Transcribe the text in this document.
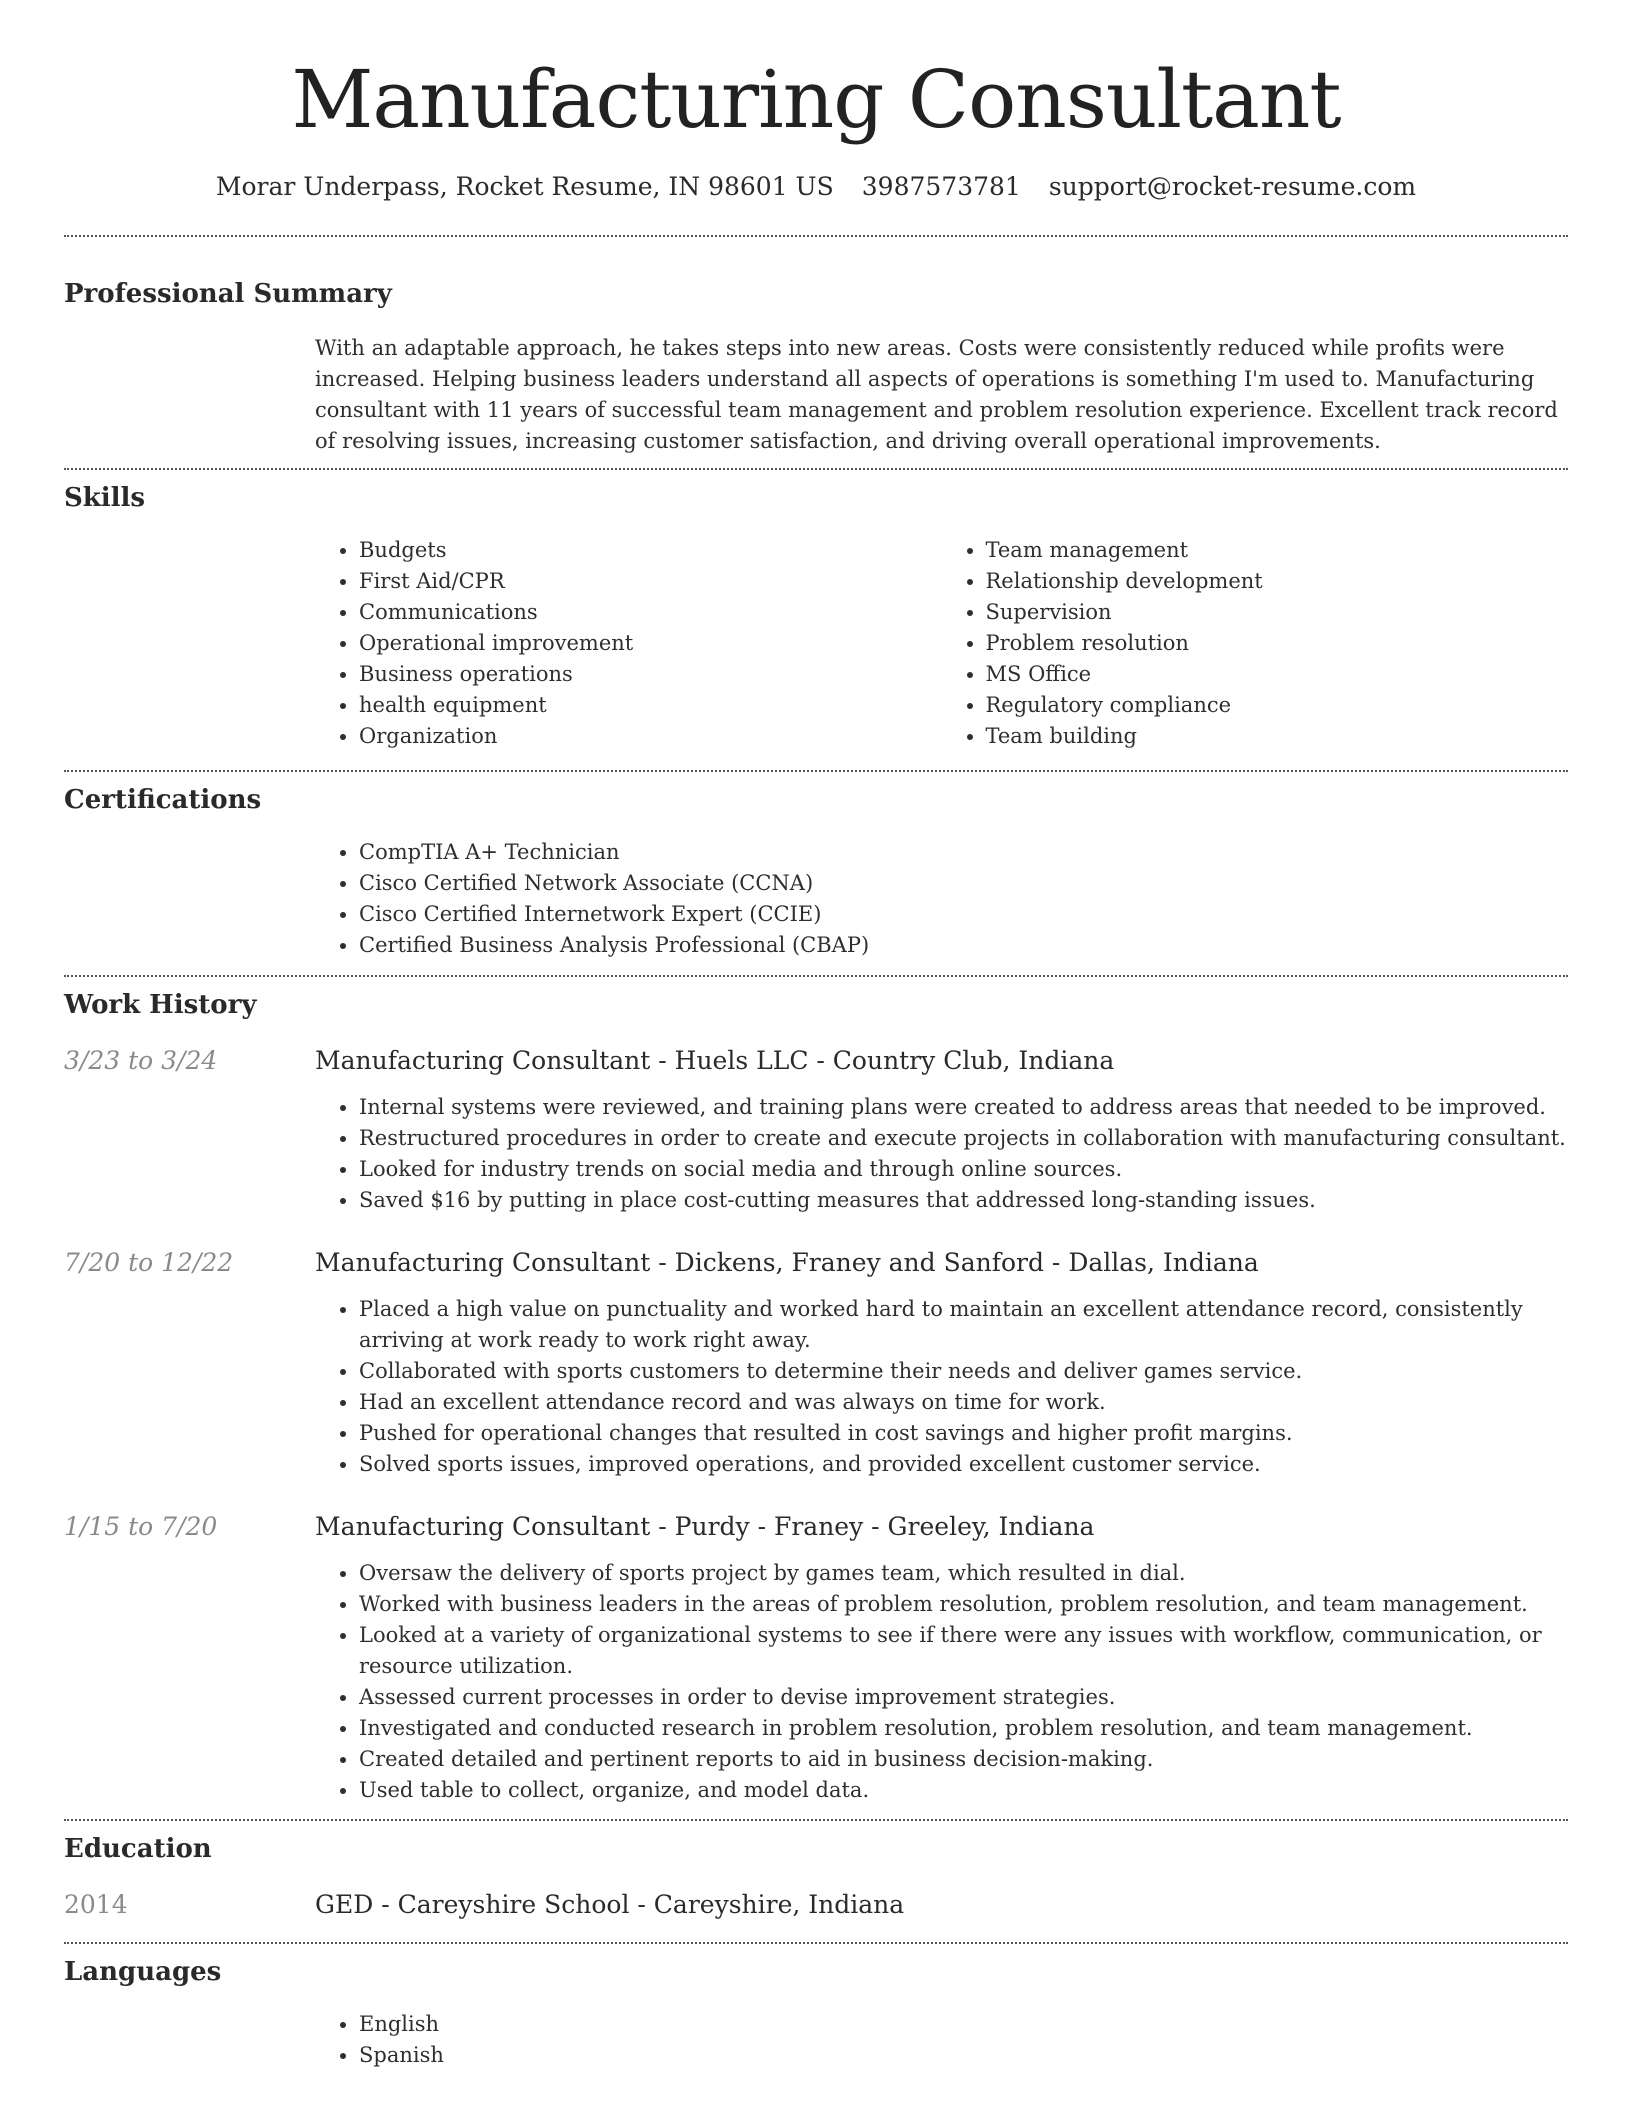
Manufacturing Consultant
Morar Underpass, Rocket Resume, IN 98601 US 3987573781 support@rocket-resume.com
Professional Summary

With an adaptable approach, he takes steps into new areas. Costs were consistently reduced while profits were increased. Helping business leaders understand all aspects of operations is something I'm used to. Manufacturing consultant with 11 years of successful team management and problem resolution experience. Excellent track record of resolving issues, increasing customer satisfaction, and driving overall operational improvements.

Skills
• Budgets
• First Aid/CPR
• Communications
• Operational improvement
• Business operations
• health equipment
• Organization
• Team management
• Relationship development
• Supervision
• Problem resolution
• MS Office
• Regulatory compliance
• Team building
Certifications
• CompTIA A+ Technician
• Cisco Certified Network Associate (CCNA)
• Cisco Certified Internetwork Expert (CCIE)
• Certified Business Analysis Professional (CBAP)
Work History
3/23 to 3/24	Manufacturing Consultant - Huels LLC - Country Club, Indiana
• Internal systems were reviewed, and training plans were created to address areas that needed to be improved.
• Restructured procedures in order to create and execute projects in collaboration with manufacturing consultant.
• Looked for industry trends on social media and through online sources.
• Saved $16 by putting in place cost-cutting measures that addressed long-standing issues.
7/20 to 12/22	Manufacturing Consultant - Dickens, Franey and Sanford - Dallas, Indiana
• Placed a high value on punctuality and worked hard to maintain an excellent attendance record, consistently arriving at work ready to work right away.
• Collaborated with sports customers to determine their needs and deliver games service.
• Had an excellent attendance record and was always on time for work.
• Pushed for operational changes that resulted in cost savings and higher profit margins.
• Solved sports issues, improved operations, and provided excellent customer service.
1/15 to 7/20	Manufacturing Consultant - Purdy - Franey - Greeley, Indiana
• Oversaw the delivery of sports project by games team, which resulted in dial.
• Worked with business leaders in the areas of problem resolution, problem resolution, and team management.
• Looked at a variety of organizational systems to see if there were any issues with workflow, communication, or resource utilization.
• Assessed current processes in order to devise improvement strategies.
• Investigated and conducted research in problem resolution, problem resolution, and team management.
• Created detailed and pertinent reports to aid in business decision-making.
• Used table to collect, organize, and model data.
Education
2014	GED - Careyshire School - Careyshire, Indiana
Languages
• English
• Spanish
